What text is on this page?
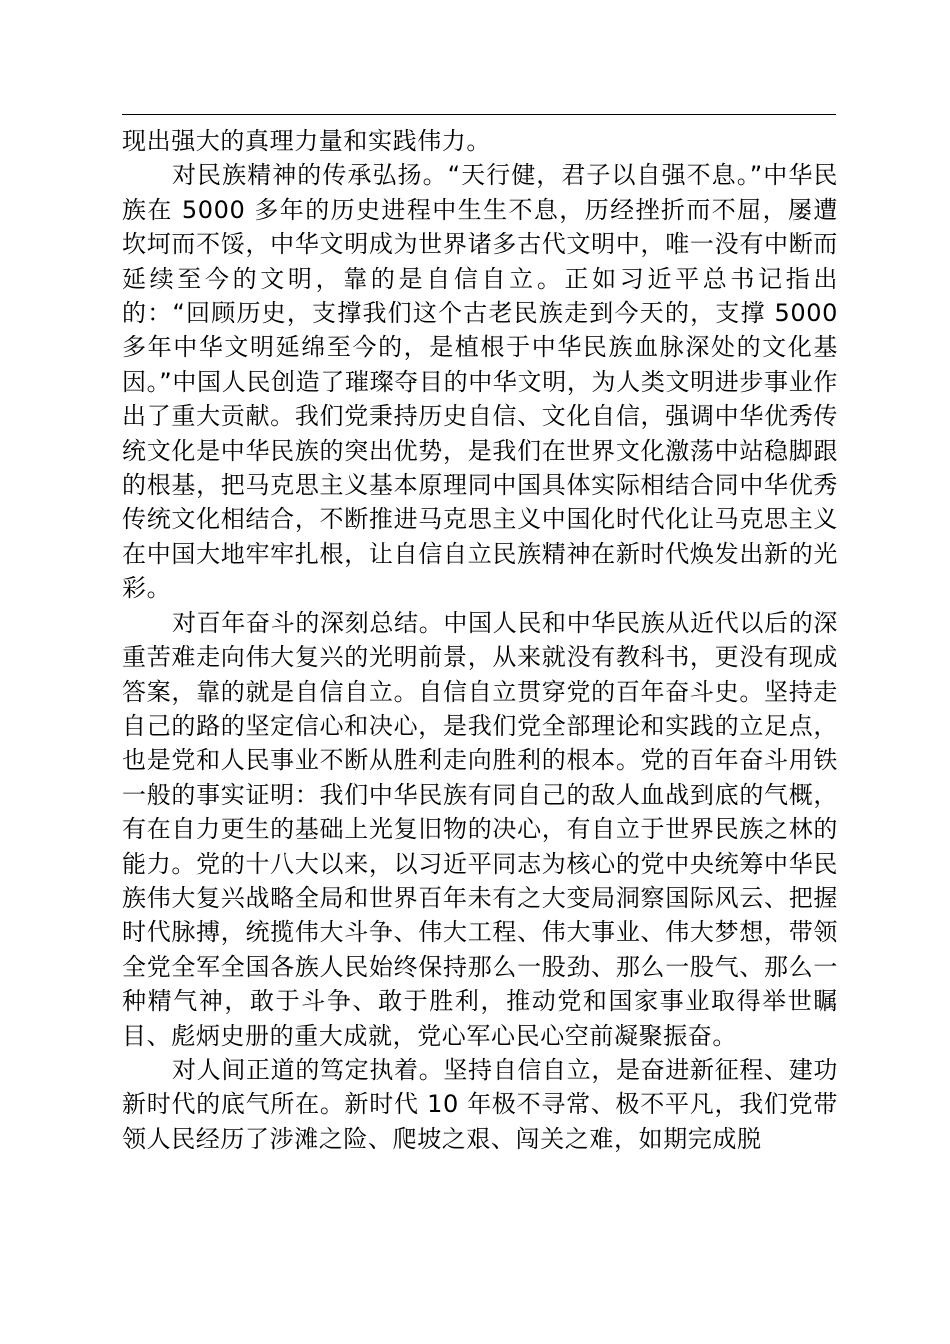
现出强大的真理力量和实践伟力。

对民族精神的传承弘扬。“天行健，君子以自强不息。”中华民族在 5000 多年的历史进程中生生不息，历经挫折而不屈，屡遭坎坷而不馁，中华文明成为世界诸多古代文明中，唯一没有中断而延续至今的文明，靠的是自信自立。正如习近平总书记指出的：“回顾历史，支撑我们这个古老民族走到今天的，支撑 5000 多年中华文明延绵至今的，是植根于中华民族血脉深处的文化基因。”中国人民创造了璀璨夺目的中华文明，为人类文明进步事业作出了重大贡献。我们党秉持历史自信、文化自信，强调中华优秀传统文化是中华民族的突出优势，是我们在世界文化激荡中站稳脚跟的根基，把马克思主义基本原理同中国具体实际相结合同中华优秀传统文化相结合，不断推进马克思主义中国化时代化让马克思主义在中国大地牢牢扎根，让自信自立民族精神在新时代焕发出新的光彩。

对百年奋斗的深刻总结。中国人民和中华民族从近代以后的深重苦难走向伟大复兴的光明前景，从来就没有教科书，更没有现成答案，靠的就是自信自立。自信自立贯穿党的百年奋斗史。坚持走自己的路的坚定信心和决心，是我们党全部理论和实践的立足点，也是党和人民事业不断从胜利走向胜利的根本。党的百年奋斗用铁一般的事实证明：我们中华民族有同自己的敌人血战到底的气概，有在自力更生的基础上光复旧物的决心，有自立于世界民族之林的能力。党的十八大以来，以习近平同志为核心的党中央统筹中华民族伟大复兴战略全局和世界百年未有之大变局洞察国际风云、把握时代脉搏，统揽伟大斗争、伟大工程、伟大事业、伟大梦想，带领全党全军全国各族人民始终保持那么一股劲、那么一股气、那么一种精气神，敢于斗争、敢于胜利，推动党和国家事业取得举世瞩目、彪炳史册的重大成就，党心军心民心空前凝聚振奋。

对人间正道的笃定执着。坚持自信自立，是奋进新征程、建功新时代的底气所在。新时代 10 年极不寻常、极不平凡，我们党带领人民经历了涉滩之险、爬坡之艰、闯关之难，如期完成脱
